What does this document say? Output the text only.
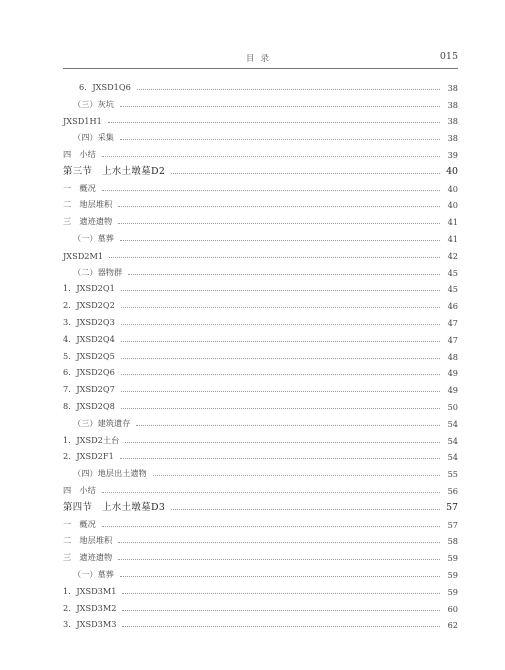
目录	015
6．JXSD1Q6	38
（三）灰坑	38
JXSD1H1	38
（四）采集	38
四　小结	39
第三节　上水土墩墓D2	40
一　概况	40
二　地层堆积	40
三　遗迹遗物	41
（一）墓葬	41
JXSD2M1	42
（二）器物群	45
1．JXSD2Q1	45
2．JXSD2Q2	46
3．JXSD2Q3	47
4．JXSD2Q4	47
5．JXSD2Q5	48
6．JXSD2Q6	49
7．JXSD2Q7	49
8．JXSD2Q8	50
（三）建筑遗存	54
1．JXSD2土台	54
2．JXSD2F1	54
（四）地层出土遗物	55
四　小结	56
第四节　上水土墩墓D3	57
一　概况	57
二　地层堆积	58
三　遗迹遗物	59
（一）墓葬	59
1．JXSD3M1	59
2．JXSD3M2	60
3．JXSD3M3	62
